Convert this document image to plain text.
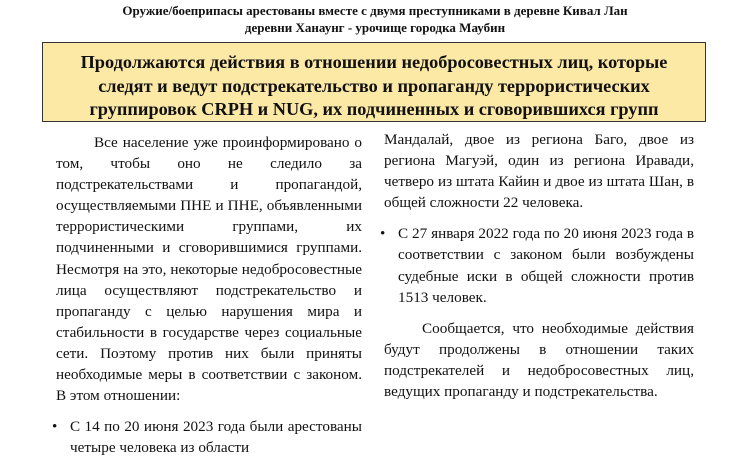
Оружие/боеприпасы арестованы вместе с двумя преступниками в деревне Кивал Лан
деревни Ханаунг - урочище городка Маубин
Продолжаются действия в отношении недобросовестных лиц, которые следят и ведут подстрекательство и пропаганду террористических группировок CRPH и NUG, их подчиненных и сговорившихся групп

Все население уже проинформировано о том, чтобы оно не следило за подстрекательствами и пропагандой, осуществляемыми ПНЕ и ПНЕ, объявленными террористическими группами, их подчиненными и сговорившимися группами. Несмотря на это, некоторые недобросовестные лица осуществляют подстрекательство и пропаганду с целью нарушения мира и стабильности в государстве через социальные сети. Поэтому против них были приняты необходимые меры в соответствии с законом. В этом отношении:

• С 14 по 20 июня 2023 года были арестованы четыре человека из области

Мандалай, двое из региона Баго, двое из региона Магуэй, один из региона Иравади, четверо из штата Кайин и двое из штата Шан, в общей сложности 22 человека.

• С 27 января 2022 года по 20 июня 2023 года в соответствии с законом были возбуждены судебные иски в общей сложности против 1513 человек.

Сообщается, что необходимые действия будут продолжены в отношении таких подстрекателей и недобросовестных лиц, ведущих пропаганду и подстрекательства.
